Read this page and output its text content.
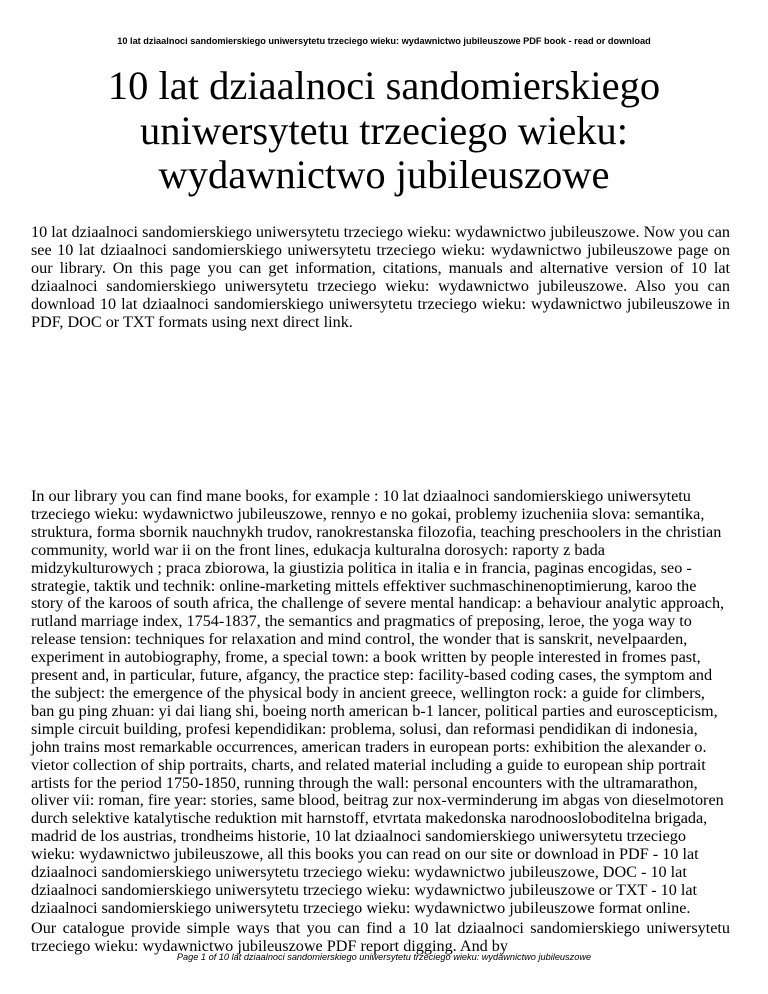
10 lat dziaalnoci sandomierskiego uniwersytetu trzeciego wieku: wydawnictwo jubileuszowe PDF book - read or download
10 lat dziaalnoci sandomierskiego uniwersytetu trzeciego wieku: wydawnictwo jubileuszowe

10 lat dziaalnoci sandomierskiego uniwersytetu trzeciego wieku: wydawnictwo jubileuszowe. Now you can see 10 lat dziaalnoci sandomierskiego uniwersytetu trzeciego wieku: wydawnictwo jubileuszowe page on our library. On this page you can get information, citations, manuals and alternative version of 10 lat dziaalnoci sandomierskiego uniwersytetu trzeciego wieku: wydawnictwo jubileuszowe. Also you can download 10 lat dziaalnoci sandomierskiego uniwersytetu trzeciego wieku: wydawnictwo jubileuszowe in PDF, DOC or TXT formats using next direct link.

In our library you can find mane books, for example : 10 lat dziaalnoci sandomierskiego uniwersytetu trzeciego wieku: wydawnictwo jubileuszowe, rennyo e no gokai, problemy izucheniia slova: semantika, struktura, forma sbornik nauchnykh trudov, ranokrestanska filozofia, teaching preschoolers in the christian community, world war ii on the front lines, edukacja kulturalna dorosych: raporty z bada midzykulturowych ; praca zbiorowa, la giustizia politica in italia e in francia, paginas encogidas, seo - strategie, taktik und technik: online-marketing mittels effektiver suchmaschinenoptimierung, karoo the story of the karoos of south africa, the challenge of severe mental handicap: a behaviour analytic approach, rutland marriage index, 1754-1837, the semantics and pragmatics of preposing, leroe, the yoga way to release tension: techniques for relaxation and mind control, the wonder that is sanskrit, nevelpaarden, experiment in autobiography, frome, a special town: a book written by people interested in fromes past, present and, in particular, future, afgancy, the practice step: facility-based coding cases, the symptom and the subject: the emergence of the physical body in ancient greece, wellington rock: a guide for climbers, ban gu ping zhuan: yi dai liang shi, boeing north american b-1 lancer, political parties and euroscepticism, simple circuit building, profesi kependidikan: problema, solusi, dan reformasi pendidikan di indonesia, john trains most remarkable occurrences, american traders in european ports: exhibition the alexander o. vietor collection of ship portraits, charts, and related material including a guide to european ship portrait artists for the period 1750-1850, running through the wall: personal encounters with the ultramarathon, oliver vii: roman, fire year: stories, same blood, beitrag zur nox-verminderung im abgas von dieselmotoren durch selektive katalytische reduktion mit harnstoff, etvrtata makedonska narodnoosloboditelna brigada, madrid de los austrias, trondheims historie, 10 lat dziaalnoci sandomierskiego uniwersytetu trzeciego wieku: wydawnictwo jubileuszowe, all this books you can read on our site or download in PDF - 10 lat dziaalnoci sandomierskiego uniwersytetu trzeciego wieku: wydawnictwo jubileuszowe, DOC - 10 lat dziaalnoci sandomierskiego uniwersytetu trzeciego wieku: wydawnictwo jubileuszowe or TXT - 10 lat dziaalnoci sandomierskiego uniwersytetu trzeciego wieku: wydawnictwo jubileuszowe format online.

Our catalogue provide simple ways that you can find a 10 lat dziaalnoci sandomierskiego uniwersytetu trzeciego wieku: wydawnictwo jubileuszowe PDF report digging. And by

Page 1 of 10 lat dziaalnoci sandomierskiego uniwersytetu trzeciego wieku: wydawnictwo jubileuszowe
